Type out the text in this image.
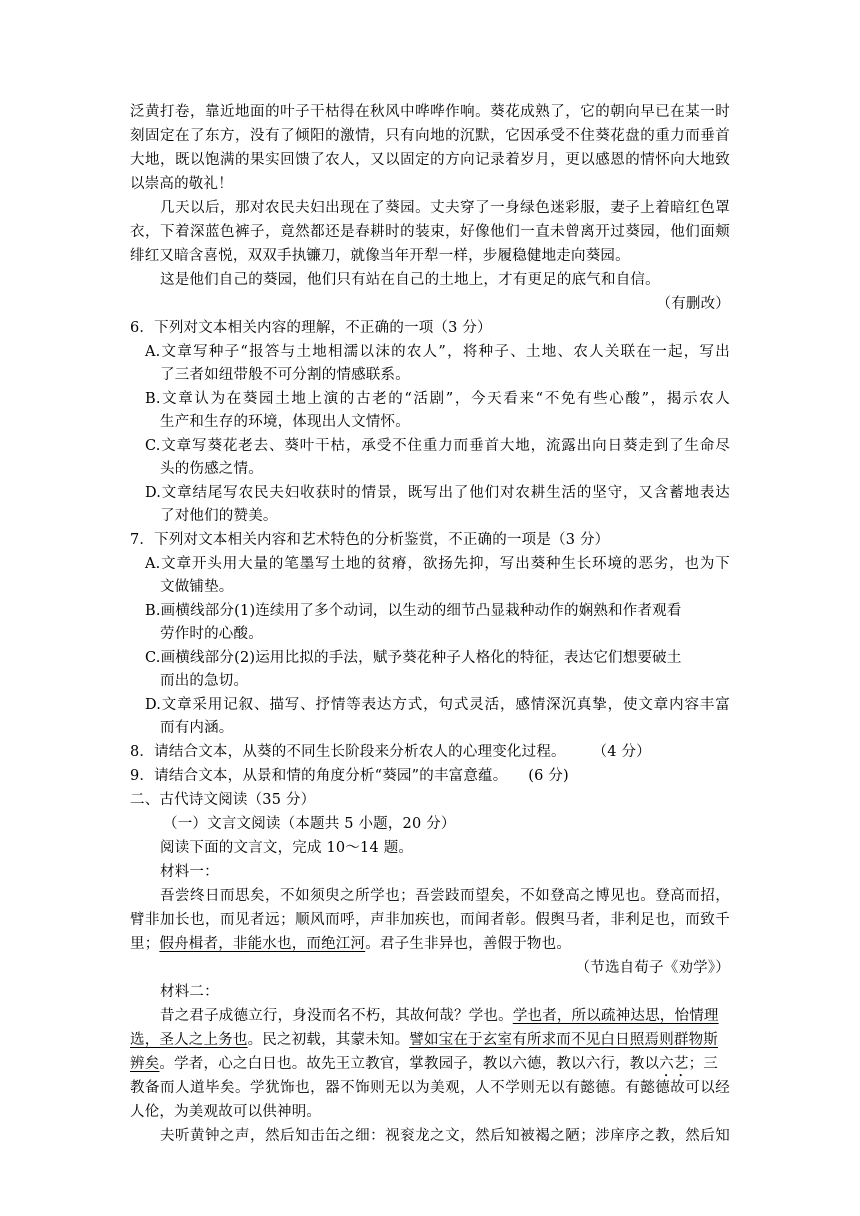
泛黄打卷，靠近地面的叶子干枯得在秋风中哗哗作响。葵花成熟了，它的朝向早已在某一时
刻固定在了东方，没有了倾阳的激情，只有向地的沉默，它因承受不住葵花盘的重力而垂首
大地，既以饱满的果实回馈了农人，又以固定的方向记录着岁月，更以感恩的情怀向大地致
以崇高的敬礼！
几天以后，那对农民夫妇出现在了葵园。丈夫穿了一身绿色迷彩服，妻子上着暗红色罩
衣，下着深蓝色裤子，竟然都还是春耕时的装束，好像他们一直未曾离开过葵园，他们面颊
绯红又暗含喜悦，双双手执镰刀，就像当年开犁一样，步履稳健地走向葵园。
这是他们自己的葵园，他们只有站在自己的土地上，才有更足的底气和自信。
（有删改）
6．下列对文本相关内容的理解，不正确的一项（3 分）
A.文章写种子“报答与土地相濡以沫的农人”，将种子、土地、农人关联在一起，写出
了三者如纽带般不可分割的情感联系。
B.文章认为在葵园土地上演的古老的“活剧”，今天看来“不免有些心酸”，揭示农人
生产和生存的环境，体现出人文情怀。
C.文章写葵花老去、葵叶干枯，承受不住重力而垂首大地，流露出向日葵走到了生命尽
头的伤感之情。
D.文章结尾写农民夫妇收获时的情景，既写出了他们对农耕生活的坚守，又含蓄地表达
了对他们的赞美。
7．下列对文本相关内容和艺术特色的分析鉴赏，不正确的一项是（3 分）
A.文章开头用大量的笔墨写土地的贫瘠，欲扬先抑，写出葵种生长环境的恶劣，也为下
文做铺垫。
B.画横线部分(1)连续用了多个动词，以生动的细节凸显栽种动作的娴熟和作者观看
劳作时的心酸。
C.画横线部分(2)运用比拟的手法，赋予葵花种子人格化的特征，表达它们想要破土
而出的急切。
D.文章采用记叙、描写、抒情等表达方式，句式灵活，感情深沉真挚，使文章内容丰富
而有内涵。
8．请结合文本，从葵的不同生长阶段来分析农人的心理变化过程。 （4 分）
9．请结合文本，从景和情的角度分析“葵园”的丰富意蕴。 (6 分)
二、古代诗文阅读（35 分）
（一）文言文阅读（本题共 5 小题，20 分）
阅读下面的文言文，完成 10～14 题。
材料一：
吾尝终日而思矣，不如须臾之所学也；吾尝跂而望矣，不如登高之博见也。登高而招，
臂非加长也，而见者远；顺风而呼，声非加疾也，而闻者彰。假舆马者，非利足也，而致千
里；假舟楫者，非能水也，而绝江河。君子生非异也，善假于物也。
（节选自荀子《劝学》）
材料二：
昔之君子成德立行，身没而名不朽，其故何哉？学也。学也者，所以疏神达思，怡情理
选，圣人之上务也。民之初载，其蒙未知。譬如宝在于玄室有所求而不见白日照焉则群物斯
辨矣。学者，心之白日也。故先王立教官，掌教园子，教以六德，教以六行，教以六艺；三
教备而人道毕矣。学犹饰也，器不饰则无以为美观，人不学则无以有懿德。有懿德故可以经
人伦，为美观故可以供神明。
夫听黄钟之声，然后知击缶之细：视衮龙之文，然后知被褐之陋；涉庠序之教，然后知
